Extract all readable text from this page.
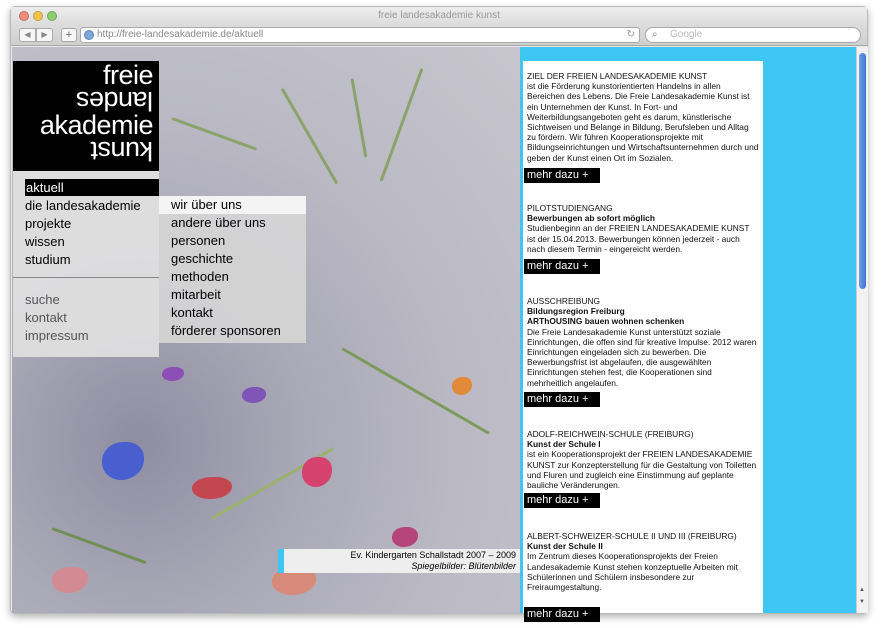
freie landesakademie kunst
◀	▶	+	http://freie-landesakademie.de/aktuell	↻ ⌕ Google
freie
landes
akademie
kunst
aktuell
die landesakademie
projekte
wissen
studium
suche
kontakt
impressum
wir über uns
andere über uns
personen
geschichte
methoden
mitarbeit
kontakt
förderer sponsoren
Ev. Kindergarten Schallstadt 2007 – 2009
Spiegelbilder: Blütenbilder
ZIEL DER FREIEN LANDESAKADEMIE KUNST
ist die Förderung kunstorientierten Handelns in allen Bereichen des Lebens. Die Freie Landesakademie Kunst ist ein Unternehmen der Kunst. In Fort- und Weiterbildungsangeboten geht es darum, künstlerische Sichtweisen und Belange in Bildung, Berufsleben und Alltag zu fördern. Wir führen Kooperationsprojekte mit Bildungseinrichtungen und Wirtschaftsunternehmen durch und geben der Kunst einen Ort im Sozialen.
mehr dazu +
PILOTSTUDIENGANG
Bewerbungen ab sofort möglich
Studienbeginn an der FREIEN LANDESAKADEMIE KUNST ist der 15.04.2013. Bewerbungen können jederzeit - auch nach diesem Termin - eingereicht werden.
mehr dazu +
AUSSCHREIBUNG
Bildungsregion Freiburg
ARThOUSING bauen wohnen schenken
Die Freie Landesakademie Kunst unterstützt soziale Einrichtungen, die offen sind für kreative Impulse. 2012 waren Einrichtungen eingeladen sich zu bewerben. Die Bewerbungsfrist ist abgelaufen, die ausgewählten Einrichtungen stehen fest, die Kooperationen sind mehrheitlich angelaufen.
mehr dazu +
ADOLF-REICHWEIN-SCHULE (FREIBURG)
Kunst der Schule I
ist ein Kooperationsprojekt der FREIEN LANDESAKADEMIE KUNST zur Konzepterstellung für die Gestaltung von Toiletten und Fluren und zugleich eine Einstimmung auf geplante bauliche Veränderungen.
mehr dazu +
ALBERT-SCHWEIZER-SCHULE II UND III (FREIBURG)
Kunst der Schule II
Im Zentrum dieses Kooperationsprojekts der Freien Landesakademie Kunst stehen konzeptuelle Arbeiten mit Schülerinnen und Schülern insbesondere zur Freiraumgestaltung.
mehr dazu +
▲
▼
